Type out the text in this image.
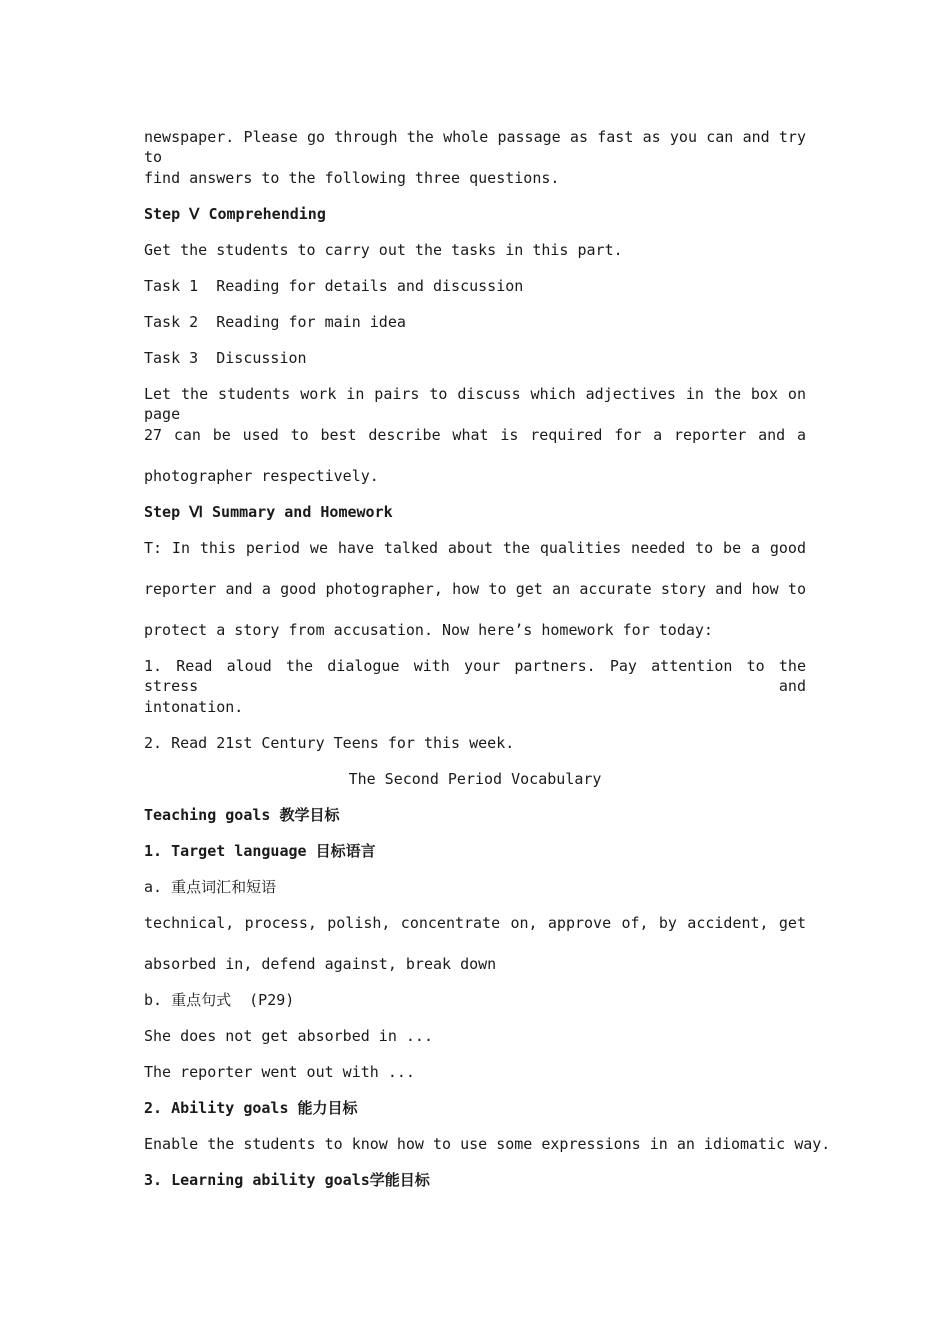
newspaper. Please go through the whole passage as fast as you can and try to
find answers to the following three questions.
Step Ⅴ Comprehending
Get the students to carry out the tasks in this part.
Task 1  Reading for details and discussion
Task 2  Reading for main idea
Task 3  Discussion
Let the students work in pairs to discuss which adjectives in the box on page
27 can be used to best describe what is required for a reporter and a
photographer respectively.
Step Ⅵ Summary and Homework
T: In this period we have talked about the qualities needed to be a good
reporter and a good photographer, how to get an accurate story and how to
protect a story from accusation. Now here’s homework for today:
1. Read aloud the dialogue with your partners. Pay attention to the stress and
intonation.
2. Read 21st Century Teens for this week.
The Second Period Vocabulary
Teaching goals 教学目标
1. Target language 目标语言
a. 重点词汇和短语
technical, process, polish, concentrate on, approve of, by accident, get
absorbed in, defend against, break down
b. 重点句式  (P29)
She does not get absorbed in ...
The reporter went out with ...
2. Ability goals 能力目标
Enable the students to know how to use some expressions in an idiomatic way.
3. Learning ability goals学能目标
